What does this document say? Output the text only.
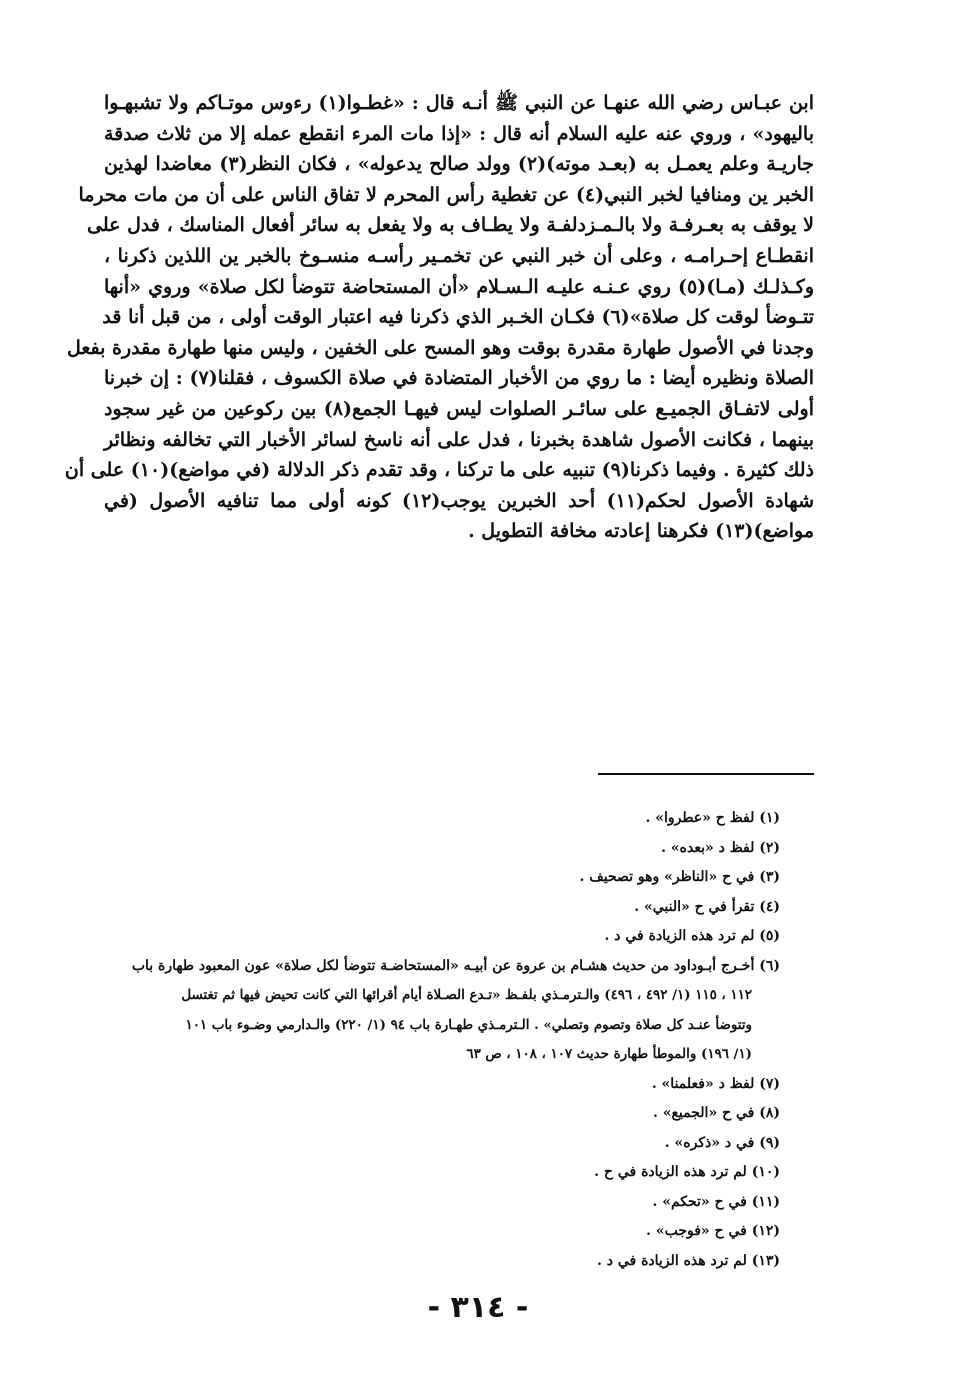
ابن عبـاس رضي الله عنهـا عن النبي ﷺ أنـه قال : «غطـوا(١) رءوس موتـاكم ولا تشبهـوا
باليهود» ، وروي عنه عليه السلام أنه قال : «إذا مات المرء انقطع عمله إلا من ثلاث صدقة
جاريـة وعلم يعمـل به (بعـد موته)(٢) وولد صالح يدعوله» ، فكان النظر(٣) معاضدا لهذين
الخبر ين ومنافيا لخبر النبي(٤) عن تغطية رأس المحرم لا تفاق الناس على أن من مات محرما
لا يوقف به بعـرفـة ولا بالـمـزدلفـة ولا يطـاف به ولا يفعل به سائر أفعال المناسك ، فدل على
انقطـاع إحـرامـه ، وعلى أن خبر النبي عن تخمـير رأسـه منسـوخ بالخبر ين اللذين ذكرنا ،
وكـذلـك (مـا)(٥) روي عـنـه عليـه الـسـلام «أن المستحاضة تتوضأ لكل صلاة» وروي «أنها
تتـوضأ لوقت كل صلاة»(٦) فكـان الخـبر الذي ذكرنا فيه اعتبار الوقت أولى ، من قبل أنا قد
وجدنا في الأصول طهارة مقدرة بوقت وهو المسح على الخفين ، وليس منها طهارة مقدرة بفعل
الصلاة ونظيره أيضا : ما روي من الأخبار المتضادة في صلاة الكسوف ، فقلنا(٧) : إن خبرنا
أولى لاتفـاق الجميـع على سائـر الصلوات ليس فيهـا الجمع(٨) بين ركوعين من غير سجود
بينهما ، فكانت الأصول شاهدة بخبرنا ، فدل على أنه ناسخ لسائر الأخبار التي تخالفه ونظائر
ذلك كثيرة . وفيما ذكرنا(٩) تنبيه على ما تركنا ، وقد تقدم ذكر الدلالة (في مواضع)(١٠) على أن
شهادة الأصول لحكم(١١) أحد الخبرين يوجب(١٢) كونه أولى مما تنافيه الأصول (في
مواضع)(١٣) فكرهنا إعادته مخافة التطويل .
(١) لفظ ح «عطروا» .
(٢) لفظ د «بعده» .
(٣) في ح «الناظر» وهو تصحيف .
(٤) تقرأ في ح «النبي» .
(٥) لم ترد هذه الزيادة في د .
(٦) أخـرج أبـوداود من حديث هشـام بن عروة عن أبيـه «المستحاضـة تتوضأ لكل صلاة» عون المعبود طهارة باب
١١٢ ، ١١٥ (١/ ٤٩٢ ، ٤٩٦) والـترمـذي بلفـظ «تـدع الصـلاة أيام أقرائها التي كانت تحيض فيها ثم تغتسل
وتتوضأ عنـد كل صلاة وتصوم وتصلي» . الـترمـذي طهـارة باب ٩٤ (١/ ٢٢٠) والـدارمي وضـوء باب ١٠١
(١/ ١٩٦) والموطأ طهارة حديث ١٠٧ ، ١٠٨ ، ص ٦٣
(٧) لفظ د «فعلمنا» .
(٨) في ح «الجميع» .
(٩) في د «ذكره» .
(١٠) لم ترد هذه الزيادة في ح .
(١١) في ح «تحكم» .
(١٢) في ح «فوجب» .
(١٣) لم ترد هذه الزيادة في د .
- ٣١٤ -
